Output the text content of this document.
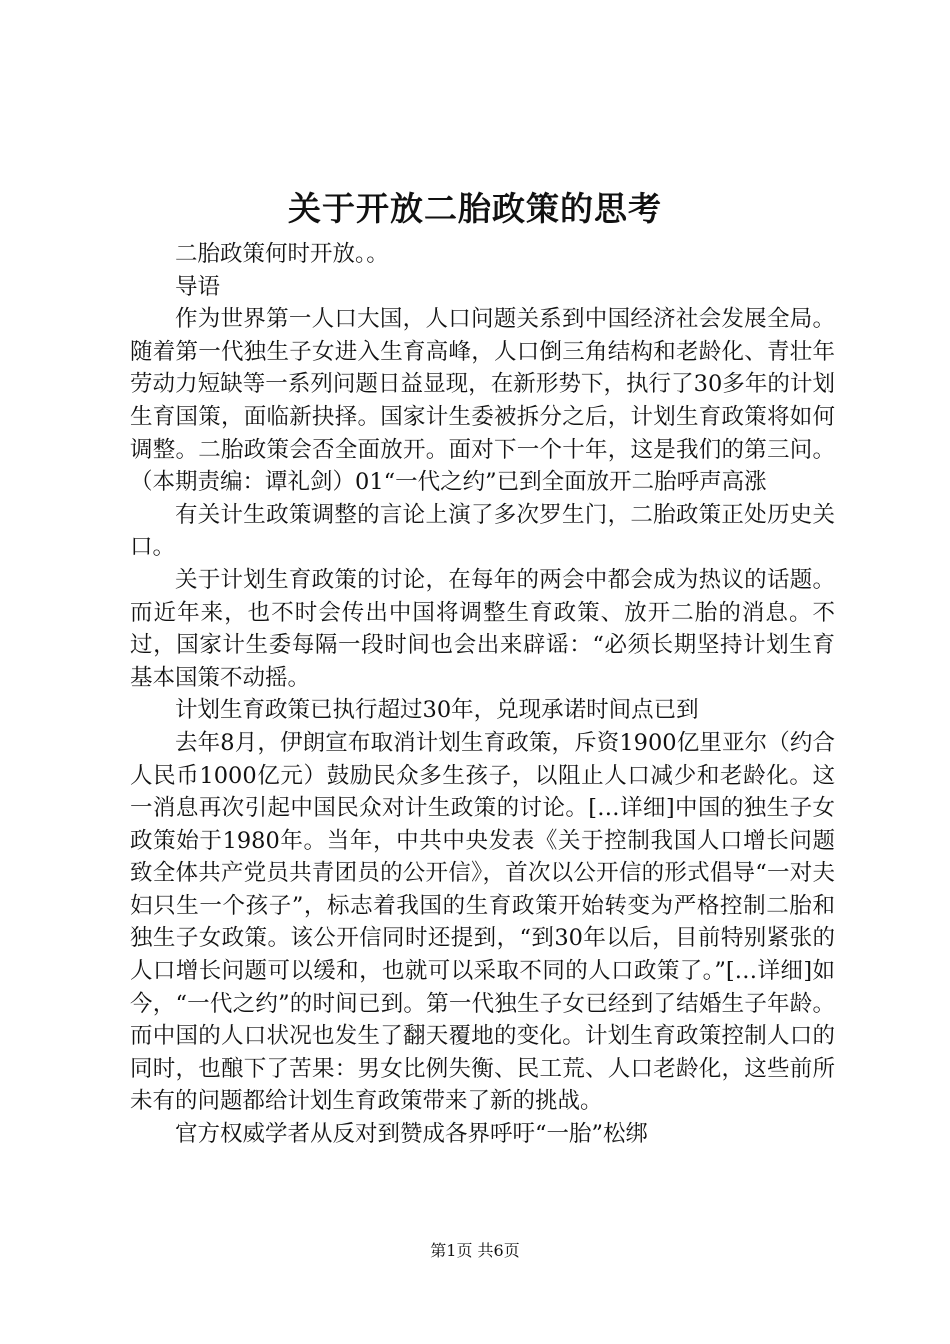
关于开放二胎政策的思考

二胎政策何时开放。。

导语

作为世界第一人口大国，人口问题关系到中国经济社会发展全局。随着第一代独生子女进入生育高峰，人口倒三角结构和老龄化、青壮年劳动力短缺等一系列问题日益显现，在新形势下，执行了30多年的计划生育国策，面临新抉择。国家计生委被拆分之后，计划生育政策将如何调整。二胎政策会否全面放开。面对下一个十年，这是我们的第三问。（本期责编：谭礼剑）01“一代之约”已到全面放开二胎呼声高涨

有关计生政策调整的言论上演了多次罗生门，二胎政策正处历史关口。

关于计划生育政策的讨论，在每年的两会中都会成为热议的话题。而近年来，也不时会传出中国将调整生育政策、放开二胎的消息。不过，国家计生委每隔一段时间也会出来辟谣：“必须长期坚持计划生育基本国策不动摇。

计划生育政策已执行超过30年，兑现承诺时间点已到

去年8月，伊朗宣布取消计划生育政策，斥资1900亿里亚尔（约合人民币1000亿元）鼓励民众多生孩子，以阻止人口减少和老龄化。这一消息再次引起中国民众对计生政策的讨论。[…详细]中国的独生子女政策始于1980年。当年，中共中央发表《关于控制我国人口增长问题致全体共产党员共青团员的公开信》，首次以公开信的形式倡导“一对夫妇只生一个孩子”，标志着我国的生育政策开始转变为严格控制二胎和独生子女政策。该公开信同时还提到，“到30年以后，目前特别紧张的人口增长问题可以缓和，也就可以采取不同的人口政策了。”[…详细]如今，“一代之约”的时间已到。第一代独生子女已经到了结婚生子年龄。而中国的人口状况也发生了翻天覆地的变化。计划生育政策控制人口的同时，也酿下了苦果：男女比例失衡、民工荒、人口老龄化，这些前所未有的问题都给计划生育政策带来了新的挑战。

官方权威学者从反对到赞成各界呼吁“一胎”松绑

第1页 共6页
